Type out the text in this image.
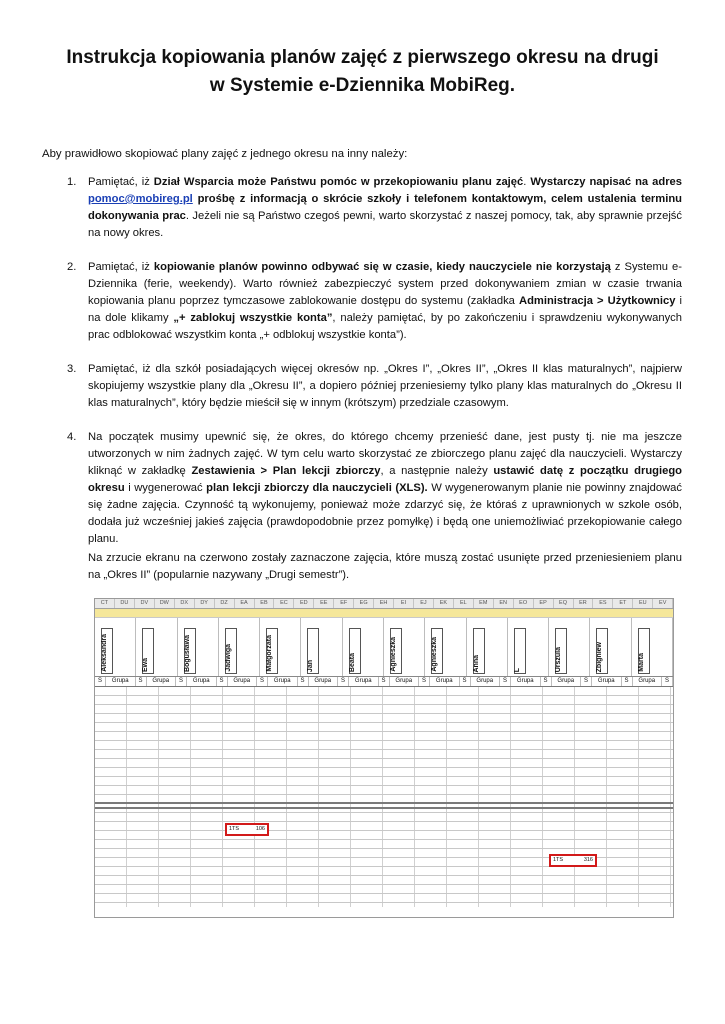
Instrukcja kopiowania planów zajęć z pierwszego okresu na drugi
w Systemie e-Dziennika MobiReg.
Aby prawidłowo skopiować plany zajęć z jednego okresu na inny należy:
1. Pamiętać, iż Dział Wsparcia może Państwu pomóc w przekopiowaniu planu zajęć. Wystarczy napisać na adres pomoc@mobireg.pl prośbę z informacją o skrócie szkoły i telefonem kontaktowym, celem ustalenia terminu dokonywania prac. Jeżeli nie są Państwo czegoś pewni, warto skorzystać z naszej pomocy, tak, aby sprawnie przejść na nowy okres.
2. Pamiętać, iż kopiowanie planów powinno odbywać się w czasie, kiedy nauczyciele nie korzystają z Systemu e-Dziennika (ferie, weekendy). Warto również zabezpieczyć system przed dokonywaniem zmian w czasie trwania kopiowania planu poprzez tymczasowe zablokowanie dostępu do systemu (zakładka Administracja > Użytkownicy i na dole klikamy „+ zablokuj wszystkie konta”, należy pamiętać, by po zakończeniu i sprawdzeniu wykonywanych prac odblokować wszystkim konta „+ odblokuj wszystkie konta”).
3. Pamiętać, iż dla szkół posiadających więcej okresów np. „Okres I”, „Okres II”, „Okres II klas maturalnych”, najpierw skopiujemy wszystkie plany dla „Okresu II”, a dopiero później przeniesiemy tylko plany klas maturalnych do „Okresu II klas maturalnych”, który będzie mieścił się w innym (krótszym) przedziale czasowym.
4. Na początek musimy upewnić się, że okres, do którego chcemy przenieść dane, jest pusty tj. nie ma jeszcze utworzonych w nim żadnych zajęć. W tym celu warto skorzystać ze zbiorczego planu zajęć dla nauczycieli. Wystarczy kliknąć w zakładkę Zestawienia > Plan lekcji zbiorczy, a następnie należy ustawić datę z początku drugiego okresu i wygenerować plan lekcji zbiorczy dla nauczycieli (XLS). W wygenerowanym planie nie powinny znajdować się żadne zajęcia. Czynność tą wykonujemy, ponieważ może zdarzyć się, że któraś z uprawnionych w szkole osób, dodała już wcześniej jakieś zajęcia (prawdopodobnie przez pomyłkę) i będą one uniemożliwiać przekopiowanie całego planu.
Na zrzucie ekranu na czerwono zostały zaznaczone zajęcia, które muszą zostać usunięte przed przeniesieniem planu na „Okres II” (popularnie nazywany „Drugi semestr”).
CT	DU	DV	DW	DX	DY	DZ	EA	EB	EC	ED	EE	EF	EG	EH	EI	EJ	EK	EL	EM	EN	EO	EP	EQ	ER	ES	ET	EU	EV
Aleksandra	Ewa	Bogusława	Jadwiga	Małgorzata	Jan	Beata	Agnieszka	Agnieszka	Anna	L	Urszula	Zbigniew	Marta
S	Grupa	S	Grupa	S	Grupa	S	Grupa	S	Grupa	S	Grupa	S	Grupa	S	Grupa	S	Grupa	S	Grupa	S	Grupa	S	Grupa	S	Grupa	S	Grupa	S
1TS	106
1TS	316
